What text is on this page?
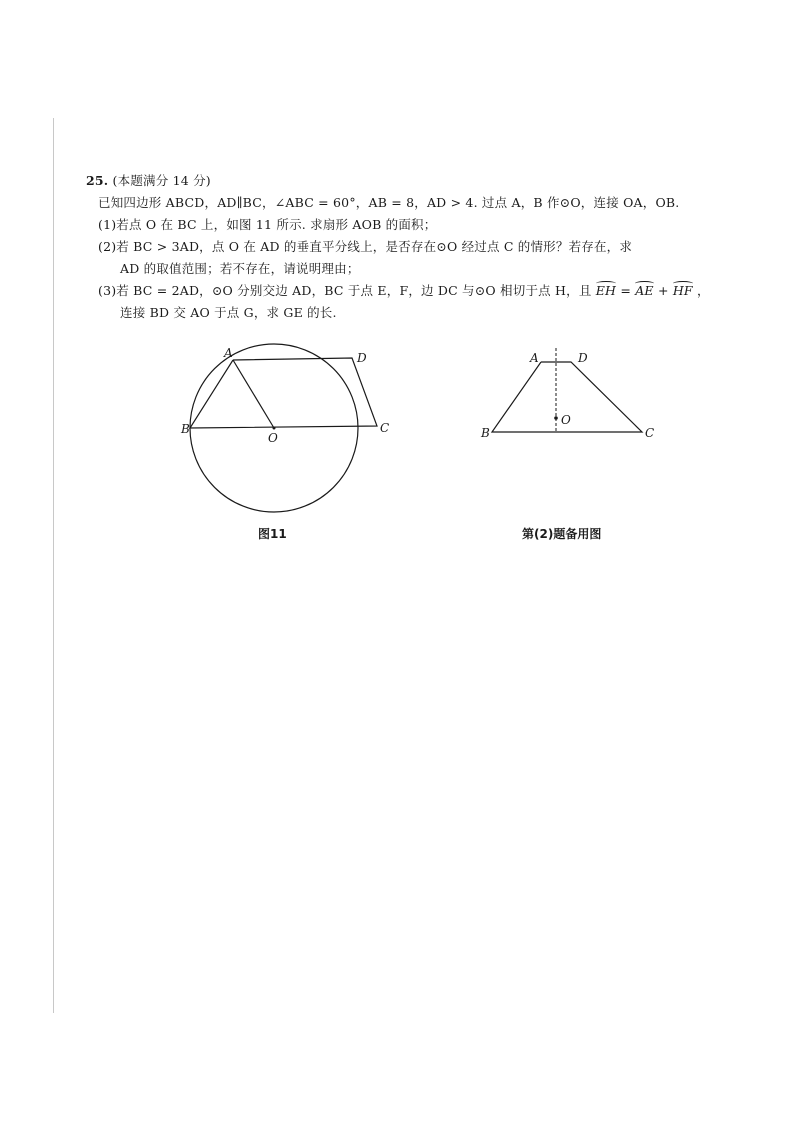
25. (本题满分 14 分)
已知四边形 ABCD，AD∥BC，∠ABC = 60°，AB = 8，AD > 4. 过点 A，B 作⊙O，连接 OA，OB.
(1)若点 O 在 BC 上，如图 11 所示. 求扇形 AOB 的面积；
(2)若 BC > 3AD，点 O 在 AD 的垂直平分线上，是否存在⊙O 经过点 C 的情形？若存在，求
AD 的取值范围；若不存在，请说明理由；
(3)若 BC = 2AD，⊙O 分别交边 AD，BC 于点 E，F，边 DC 与⊙O 相切于点 H，且 EH = AE + HF ，
连接 BD 交 AO 于点 G，求 GE 的长.
A	D
B
O
C
A	D
O
B	C
图11	第(2)题备用图
